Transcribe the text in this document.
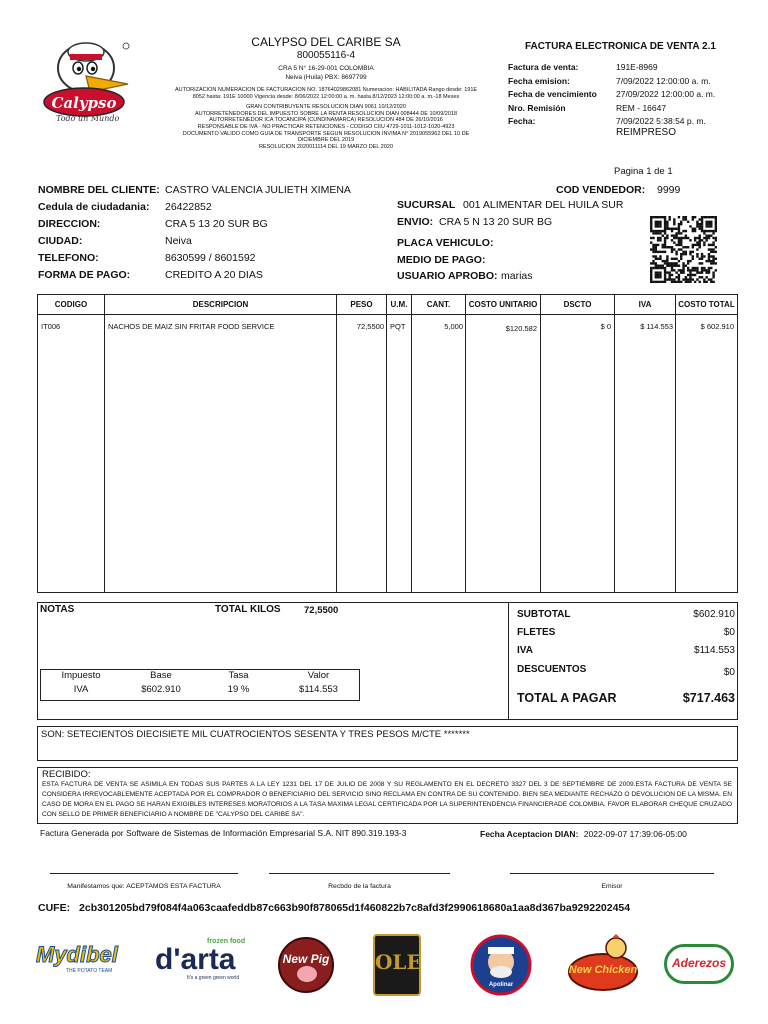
Calypso
Todo un Mundo
CALYPSO DEL CARIBE SA
800055116-4
CRA 5 N° 16-29-001 COLOMBIA
Neiva (Huila) PBX: 8697799
AUTORIZACION NUMERACION DE FACTURACION NO. 18764029862081 Numeracion: HABILITADA Rango desde: 191E
8052 hasta: 191E 10000 Vigencia desde: 8/06/2022 12:00:00 a. m. hasta 8/12/2023 12:00:00 a. m.-18 Meses
GRAN CONTRIBUYENTE RESOLUCION DIAN 9061 10/12/2020
AUTORRETENEDORES DEL IMPUESTO SOBRE LA RENTA RESOLUCION DIAN 008444 DE 10/09/2018
AUTORRETENEDOR ICA TOCANCIPA (CUNDINAMARCA) RESOLUCION 484 DE 26/10/2016
RESPONSABLE DE IVA - NO PRACTICAR RETENCIONES - CODIGO CIIU 4729-1011-1012-1020-4923
DOCUMENTO VALIDO COMO GUIA DE TRANSPORTE SEGUN RESOLUCION INVIMA N° 2019055962 DEL 10 DE
DICIEMBRE DEL 2019
RESOLUCION 2020011114 DEL 19 MARZO DEL 2020
FACTURA ELECTRONICA DE VENTA 2.1
Factura de venta:	191E-8969
Fecha emision:	7/09/2022 12:00:00 a. m.
Fecha de vencimiento	27/09/2022 12:00:00 a. m.
Nro. Remisión	REM - 16647
Fecha:	7/09/2022 5:38:54 p. m.
REIMPRESO
Pagina 1 de 1
NOMBRE DEL CLIENTE: CASTRO VALENCIA JULIETH XIMENA
Cedula de ciudadania:	26422852
DIRECCION:	CRA 5 13 20 SUR BG
CIUDAD:	Neiva
TELEFONO:	8630599 / 8601592
FORMA DE PAGO:	CREDITO A 20 DIAS
COD VENDEDOR:	9999
SUCURSAL 001 ALIMENTAR DEL HUILA SUR
ENVIO: CRA 5 N 13 20 SUR BG
PLACA VEHICULO:
MEDIO DE PAGO:
USUARIO APROBO: marias
CODIGO	DESCRIPCION	PESO	U.M.	CANT.	COSTO UNITARIO	DSCTO	IVA	COSTO TOTAL
IT006	NACHOS DE MAIZ SIN FRITAR FOOD SERVICE	72,5500 PQT	5,000	$120.582	$ 0	$ 114.553	$ 602.910
NOTAS	TOTAL KILOS 72,5500
Impuesto	Base	Tasa	Valor
IVA	$602.910	19 %	$114.553
SUBTOTAL	$602.910
FLETES	$0
IVA	$114.553
DESCUENTOS	$0
TOTAL A PAGAR	$717.463
SON: SETECIENTOS DIECISIETE MIL CUATROCIENTOS SESENTA Y TRES PESOS M/CTE *******
RECIBIDO:
ESTA FACTURA DE VENTA SE ASIMILA EN TODAS SUS PARTES A LA LEY 1231 DEL 17 DE JULIO DE 2008 Y SU REGLAMENTO EN EL DECRETO 3327 DEL 3 DE SEPTIEMBRE DE 2009.ESTA FACTURA DE VENTA SE CONSIDERA IRREVOCABLEMENTE ACEPTADA POR EL COMPRADOR O BENEFICIARIO DEL SERVICIO SINO RECLAMA EN CONTRA DE SU CONTENIDO. BIEN SEA MEDIANTE RECHAZO O DEVOLUCION DE LA MISMA. EN CASO DE MORA EN EL PAGO SE HARAN EXIGIBLES INTERESES MORATORIOS A LA TASA MAXIMA LEGAL CERTIFICADA POR LA SUPERINTENDENCIA FINANCIERADE COLOMBIA. FAVOR ELABORAR CHEQUE CRUZADO CON SELLO DE PRIMER BENEFICIARIO A NOMBRE DE "CALYPSO DEL CARIBE SA".
Factura Generada por Software de Sistemas de Información Empresarial S.A. NIT 890.319.193-3	Fecha Aceptacion DIAN: 2022-09-07 17:39:06-05:00
Manifestamos que: ACEPTAMOS ESTA FACTURA	Recbdo de la factura	Emisor
CUFE: 2cb301205bd79f084f4a063caafeddb87c663b90f878065d1f460822b7c8afd3f2990618680a1aa8d367ba9292202454
Mydibel
THE POTATO TEAM
frozen food
d'arta
It's a green green world
New Pig OLE
Apolinar
New Chicken	Aderezos
